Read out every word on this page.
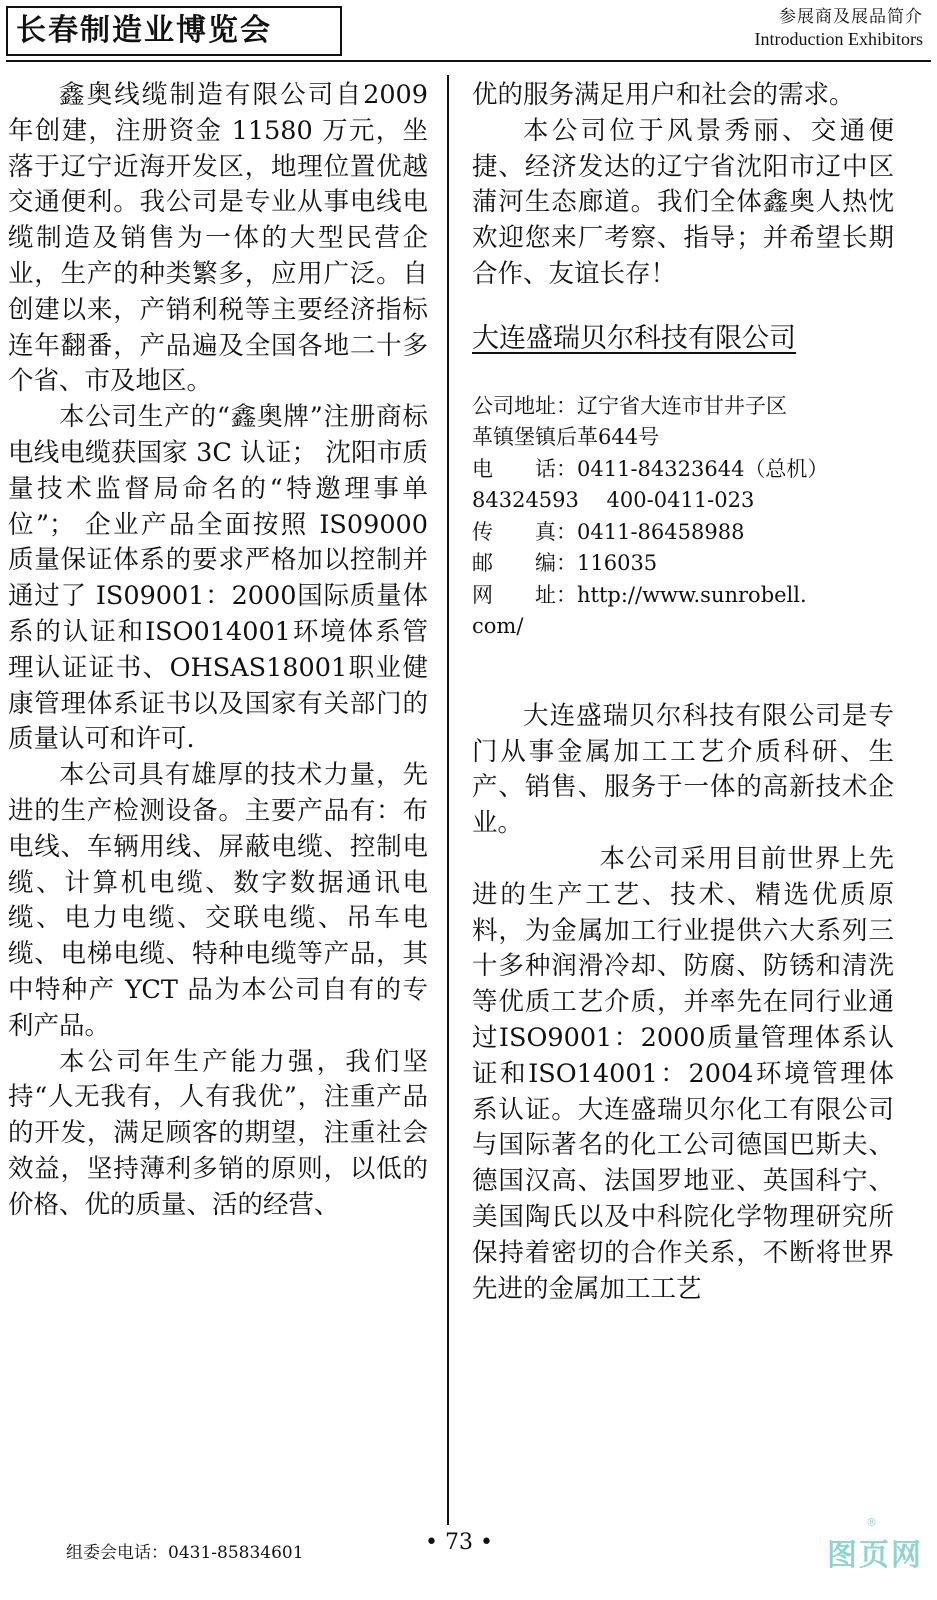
长春制造业博览会	参展商及展品简介
Introduction Exhibitors

鑫奥线缆制造有限公司自2009 年创建，注册资金 11580 万元，坐落于辽宁近海开发区，地理位置优越交通便利。我公司是专业从事电线电缆制造及销售为一体的大型民营企业，生产的种类繁多，应用广泛。自创建以来，产销利税等主要经济指标连年翻番，产品遍及全国各地二十多个省、市及地区。

本公司生产的“鑫奥牌”注册商标电线电缆获国家 3C 认证； 沈阳市质量技术监督局命名的“特邀理事单位”； 企业产品全面按照 IS09000 质量保证体系的要求严格加以控制并通过了 IS09001：2000国际质量体系的认证和ISO014001环境体系管理认证证书、OHSAS18001职业健康管理体系证书以及国家有关部门的质量认可和许可.

本公司具有雄厚的技术力量，先进的生产检测设备。主要产品有：布电线、车辆用线、屏蔽电缆、控制电缆、计算机电缆、数字数据通讯电缆、电力电缆、交联电缆、吊车电缆、电梯电缆、特种电缆等产品，其中特种产 YCT 品为本公司自有的专利产品。

本公司年生产能力强，我们坚持“人无我有，人有我优”，注重产品的开发，满足顾客的期望，注重社会效益，坚持薄利多销的原则，以低的价格、优的质量、活的经营、

优的服务满足用户和社会的需求。

本公司位于风景秀丽、交通便捷、经济发达的辽宁省沈阳市辽中区蒲河生态廊道。我们全体鑫奥人热忱欢迎您来厂考察、指导；并希望长期合作、友谊长存！

大连盛瑞贝尔科技有限公司
公司地址：辽宁省大连市甘井子区
革镇堡镇后革644号
电　　话：0411-84323644（总机）
84324593　 400-0411-023
传　　真：0411-86458988
邮　　编：116035
网　　址：http://www.sunrobell.
com/

大连盛瑞贝尔科技有限公司是专门从事金属加工工艺介质科研、生产、销售、服务于一体的高新技术企业。

本公司采用目前世界上先进的生产工艺、技术、精选优质原料，为金属加工行业提供六大系列三十多种润滑冷却、防腐、防锈和清洗等优质工艺介质，并率先在同行业通过ISO9001：2000质量管理体系认证和ISO14001：2004环境管理体系认证。大连盛瑞贝尔化工有限公司与国际著名的化工公司德国巴斯夫、德国汉高、法国罗地亚、英国科宁、美国陶氏以及中科院化学物理研究所保持着密切的合作关系，不断将世界先进的金属加工工艺

组委会电话：0431-85834601	• 73 •
®
图页网
